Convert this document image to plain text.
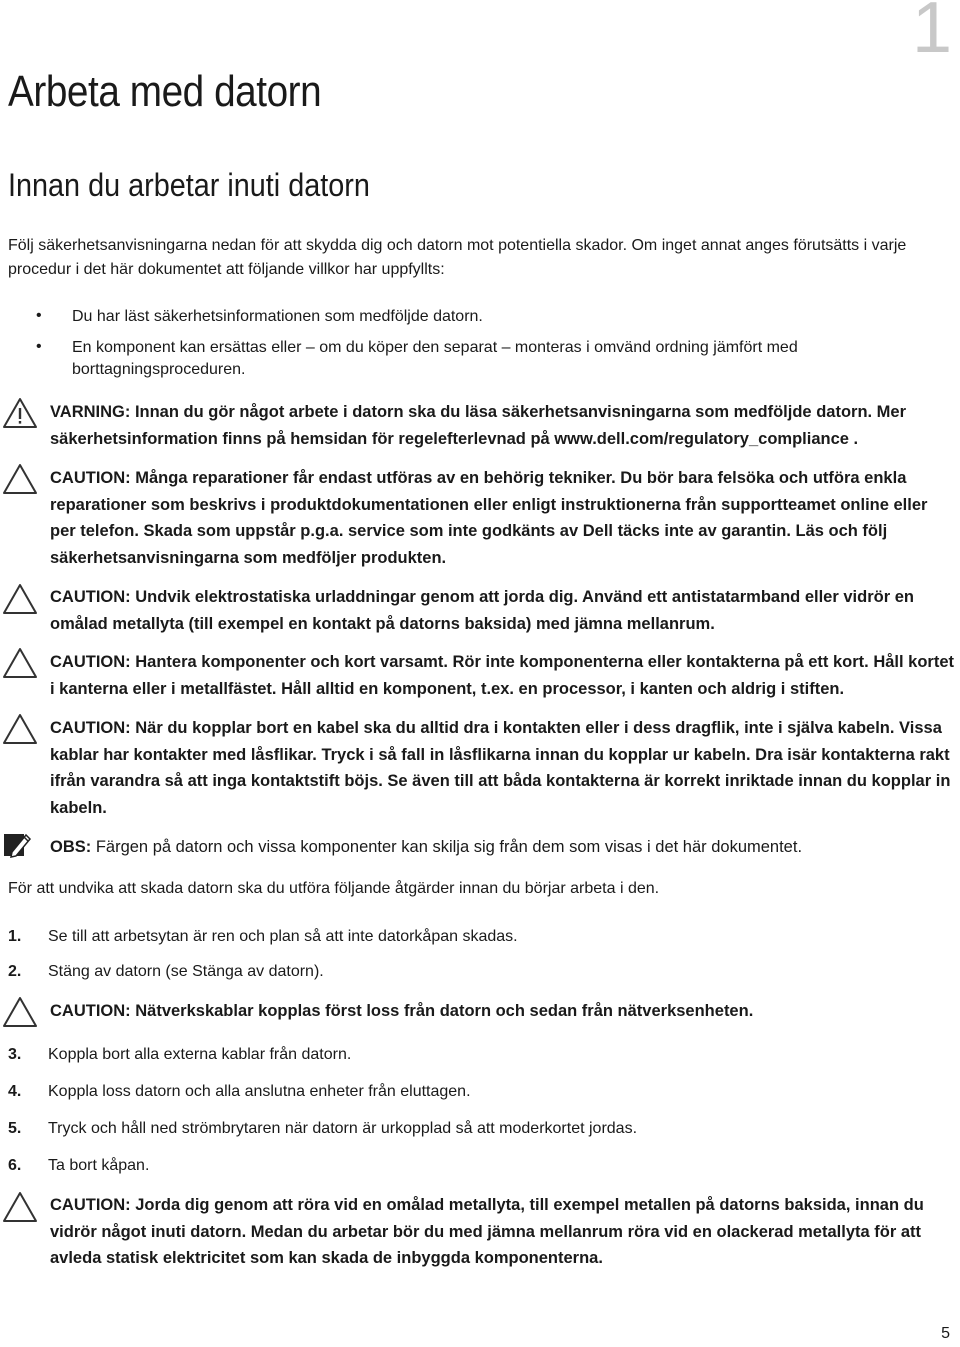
1
Arbeta med datorn
Innan du arbetar inuti datorn
Följ säkerhetsanvisningarna nedan för att skydda dig och datorn mot potentiella skador. Om inget annat anges förutsätts i varje procedur i det här dokumentet att följande villkor har uppfyllts:
• Du har läst säkerhetsinformationen som medföljde datorn.
• En komponent kan ersättas eller – om du köper den separat – monteras i omvänd ordning jämfört med borttagningsproceduren.
VARNING: Innan du gör något arbete i datorn ska du läsa säkerhetsanvisningarna som medföljde datorn. Mer säkerhetsinformation finns på hemsidan för regelefterlevnad på www.dell.com/regulatory_compliance .
CAUTION: Många reparationer får endast utföras av en behörig tekniker. Du bör bara felsöka och utföra enkla reparationer som beskrivs i produktdokumentationen eller enligt instruktionerna från supportteamet online eller per telefon. Skada som uppstår p.g.a. service som inte godkänts av Dell täcks inte av garantin. Läs och följ säkerhetsanvisningarna som medföljer produkten.
CAUTION: Undvik elektrostatiska urladdningar genom att jorda dig. Använd ett antistatarmband eller vidrör en omålad metallyta (till exempel en kontakt på datorns baksida) med jämna mellanrum.
CAUTION: Hantera komponenter och kort varsamt. Rör inte komponenterna eller kontakterna på ett kort. Håll kortet i kanterna eller i metallfästet. Håll alltid en komponent, t.ex. en processor, i kanten och aldrig i stiften.
CAUTION: När du kopplar bort en kabel ska du alltid dra i kontakten eller i dess dragflik, inte i själva kabeln. Vissa kablar har kontakter med låsflikar. Tryck i så fall in låsflikarna innan du kopplar ur kabeln. Dra isär kontakterna rakt ifrån varandra så att inga kontaktstift böjs. Se även till att båda kontakterna är korrekt inriktade innan du kopplar in kabeln.
OBS: Färgen på datorn och vissa komponenter kan skilja sig från dem som visas i det här dokumentet.
För att undvika att skada datorn ska du utföra följande åtgärder innan du börjar arbeta i den.
1. Se till att arbetsytan är ren och plan så att inte datorkåpan skadas.
2. Stäng av datorn (se Stänga av datorn).
CAUTION: Nätverkskablar kopplas först loss från datorn och sedan från nätverksenheten.
3. Koppla bort alla externa kablar från datorn.
4. Koppla loss datorn och alla anslutna enheter från eluttagen.
5. Tryck och håll ned strömbrytaren när datorn är urkopplad så att moderkortet jordas.
6. Ta bort kåpan.
CAUTION: Jorda dig genom att röra vid en omålad metallyta, till exempel metallen på datorns baksida, innan du vidrör något inuti datorn. Medan du arbetar bör du med jämna mellanrum röra vid en olackerad metallyta för att avleda statisk elektricitet som kan skada de inbyggda komponenterna.
5
